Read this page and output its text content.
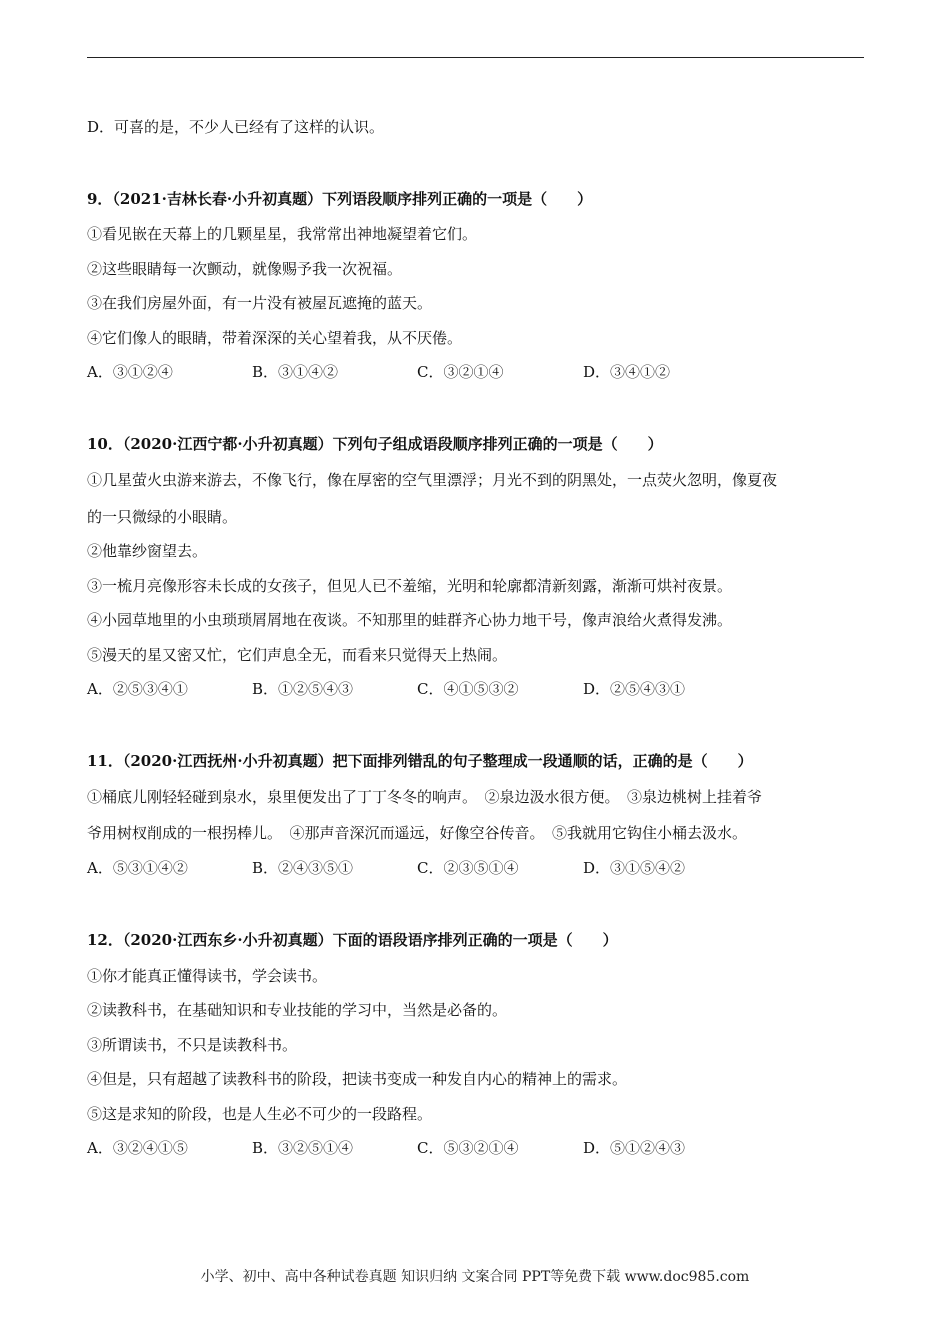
D．可喜的是，不少人已经有了这样的认识。
9．（2021·吉林长春·小升初真题）下列语段顺序排列正确的一项是（　　）
①看见嵌在天幕上的几颗星星，我常常出神地凝望着它们。
②这些眼睛每一次颤动，就像赐予我一次祝福。
③在我们房屋外面，有一片没有被屋瓦遮掩的蓝天。
④它们像人的眼睛，带着深深的关心望着我，从不厌倦。
A．③①②④	B．③①④②	C．③②①④	D．③④①②
10．（2020·江西宁都·小升初真题）下列句子组成语段顺序排列正确的一项是（　　）
①几星萤火虫游来游去，不像飞行，像在厚密的空气里漂浮；月光不到的阴黑处，一点荧火忽明，像夏夜
的一只微绿的小眼睛。
②他靠纱窗望去。
③一梳月亮像形容未长成的女孩子，但见人已不羞缩，光明和轮廓都清新刻露，渐渐可烘衬夜景。
④小园草地里的小虫琐琐屑屑地在夜谈。不知那里的蛙群齐心协力地干号，像声浪给火煮得发沸。
⑤漫天的星又密又忙，它们声息全无，而看来只觉得天上热闹。
A．②⑤③④①	B．①②⑤④③	C．④①⑤③②	D．②⑤④③①
11．（2020·江西抚州·小升初真题）把下面排列错乱的句子整理成一段通顺的话，正确的是（　　）
①桶底儿刚轻轻碰到泉水，泉里便发出了丁丁冬冬的响声。　②泉边汲水很方便。　③泉边桃树上挂着爷
爷用树杈削成的一根拐棒儿。　④那声音深沉而遥远，好像空谷传音。　⑤我就用它钩住小桶去汲水。
A．⑤③①④②	B．②④③⑤①	C．②③⑤①④	D．③①⑤④②
12．（2020·江西东乡·小升初真题）下面的语段语序排列正确的一项是（　　）
①你才能真正懂得读书，学会读书。
②读教科书，在基础知识和专业技能的学习中，当然是必备的。
③所谓读书，不只是读教科书。
④但是，只有超越了读教科书的阶段，把读书变成一种发自内心的精神上的需求。
⑤这是求知的阶段，也是人生必不可少的一段路程。
A．③②④①⑤	B．③②⑤①④	C．⑤③②①④	D．⑤①②④③
小学、初中、高中各种试卷真题 知识归纳 文案合同 PPT等免费下载 www.doc985.com
